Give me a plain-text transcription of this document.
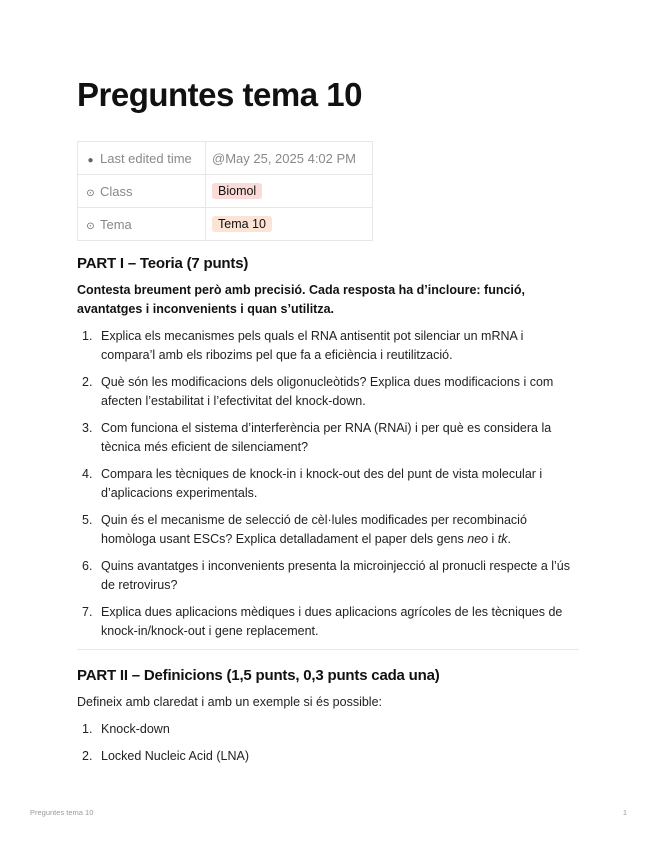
Preguntes tema 10
● Last edited time	@May 25, 2025 4:02 PM
⊙ Class	Biomol
⊙ Tema	Tema 10
PART I – Teoria (7 punts)
Contesta breument però amb precisió. Cada resposta ha d’incloure: funció, avantatges i inconvenients i quan s’utilitza.
1. Explica els mecanismes pels quals el RNA antisentit pot silenciar un mRNA i compara’l amb els ribozims pel que fa a eficiència i reutilització.
2. Què són les modificacions dels oligonucleòtids? Explica dues modificacions i com afecten l’estabilitat i l’efectivitat del knock-down.
3. Com funciona el sistema d’interferència per RNA (RNAi) i per què es considera la tècnica més eficient de silenciament?
4. Compara les tècniques de knock-in i knock-out des del punt de vista molecular i d’aplicacions experimentals.
5. Quin és el mecanisme de selecció de cèl·lules modificades per recombinació homòloga usant ESCs? Explica detalladament el paper dels gens neo i tk.
6. Quins avantatges i inconvenients presenta la microinjecció al pronucli respecte a l’ús de retrovirus?
7. Explica dues aplicacions mèdiques i dues aplicacions agrícoles de les tècniques de knock-in/knock-out i gene replacement.
PART II – Definicions (1,5 punts, 0,3 punts cada una)
Defineix amb claredat i amb un exemple si és possible:
1. Knock-down
2. Locked Nucleic Acid (LNA)
Preguntes tema 10	1
